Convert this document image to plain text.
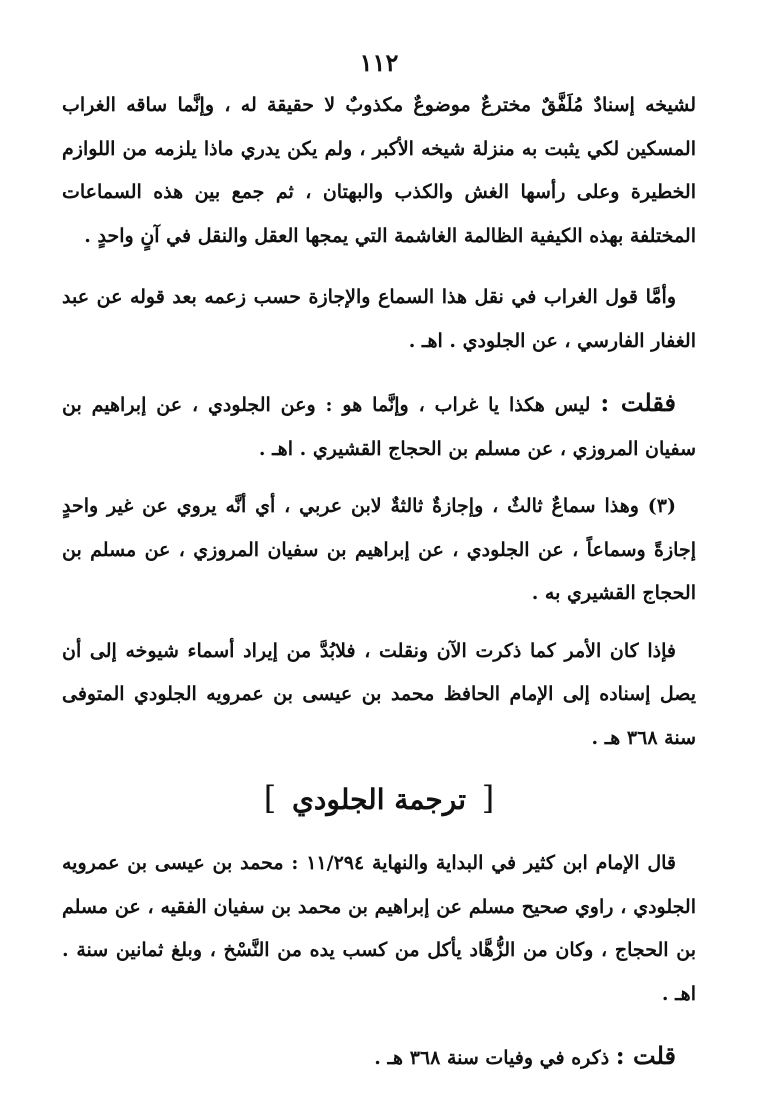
١١٢

لشيخه إسنادٌ مُلَفَّقٌ مخترعٌ موضوعٌ مكذوبٌ لا حقيقة له ، وإنَّما ساقه الغراب المسكين لكي يثبت به منزلة شيخه الأكبر ، ولم يكن يدري ماذا يلزمه من اللوازم الخطيرة وعلى رأسها الغش والكذب والبهتان ، ثم جمع بين هذه السماعات المختلفة بهذه الكيفية الظالمة الغاشمة التي يمجها العقل والنقل في آنٍ واحدٍ .

وأمَّا قول الغراب في نقل هذا السماع والإجازة حسب زعمه بعد قوله عن عبد الغفار الفارسي ، عن الجلودي . اهـ .

فقلت : ليس هكذا يا غراب ، وإنَّما هو : وعن الجلودي ، عن إبراهيم بن سفيان المروزي ، عن مسلم بن الحجاج القشيري . اهـ .

(٣) وهذا سماعٌ ثالثٌ ، وإجازةٌ ثالثةٌ لابن عربي ، أي أنَّه يروي عن غير واحدٍ إجازةً وسماعاً ، عن الجلودي ، عن إبراهيم بن سفيان المروزي ، عن مسلم بن الحجاج القشيري به .

فإذا كان الأمر كما ذكرت الآن ونقلت ، فلابُدَّ من إيراد أسماء شيوخه إلى أن يصل إسناده إلى الإمام الحافظ محمد بن عيسى بن عمرويه الجلودي المتوفى سنة ٣٦٨ هـ .

[ ترجمة الجلودي ]

قال الإمام ابن كثير في البداية والنهاية ١١/٢٩٤ : محمد بن عيسى بن عمرويه الجلودي ، راوي صحيح مسلم عن إبراهيم بن محمد بن سفيان الفقيه ، عن مسلم بن الحجاج ، وكان من الزُّهَّاد يأكل من كسب يده من النَّسْخ ، وبلغ ثمانين سنة . اهـ .

قلت : ذكره في وفيات سنة ٣٦٨ هـ .
